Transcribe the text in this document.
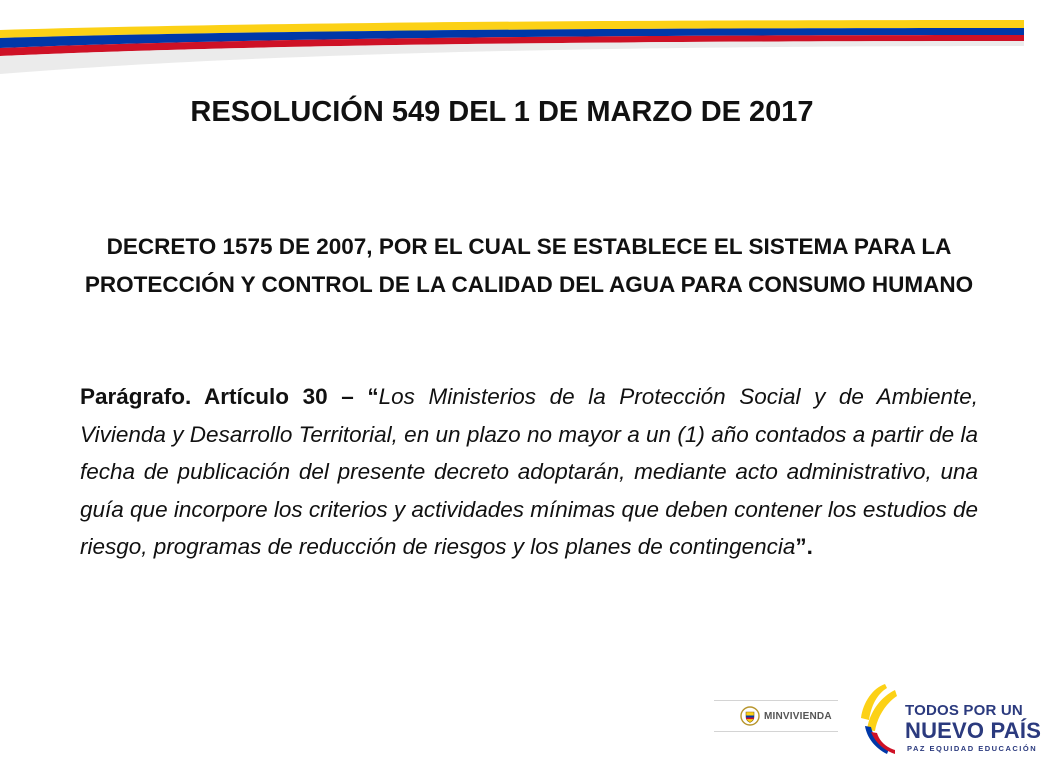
RESOLUCIÓN 549 DEL 1 DE MARZO DE 2017
DECRETO 1575 DE 2007, POR EL CUAL SE ESTABLECE EL SISTEMA PARA LA PROTECCIÓN Y CONTROL DE LA CALIDAD DEL AGUA PARA CONSUMO HUMANO
Parágrafo. Artículo 30 – “Los Ministerios de la Protección Social y de Ambiente, Vivienda y Desarrollo Territorial, en un plazo no mayor a un (1) año contados a partir de la fecha de publicación del presente decreto adoptarán, mediante acto administrativo, una guía que incorpore los criterios y actividades mínimas que deben contener los estudios de riesgo, programas de reducción de riesgos y los planes de contingencia”.
MINVIVIENDA	TODOS POR UN
NUEVO PAÍS
PAZ EQUIDAD EDUCACIÓN
